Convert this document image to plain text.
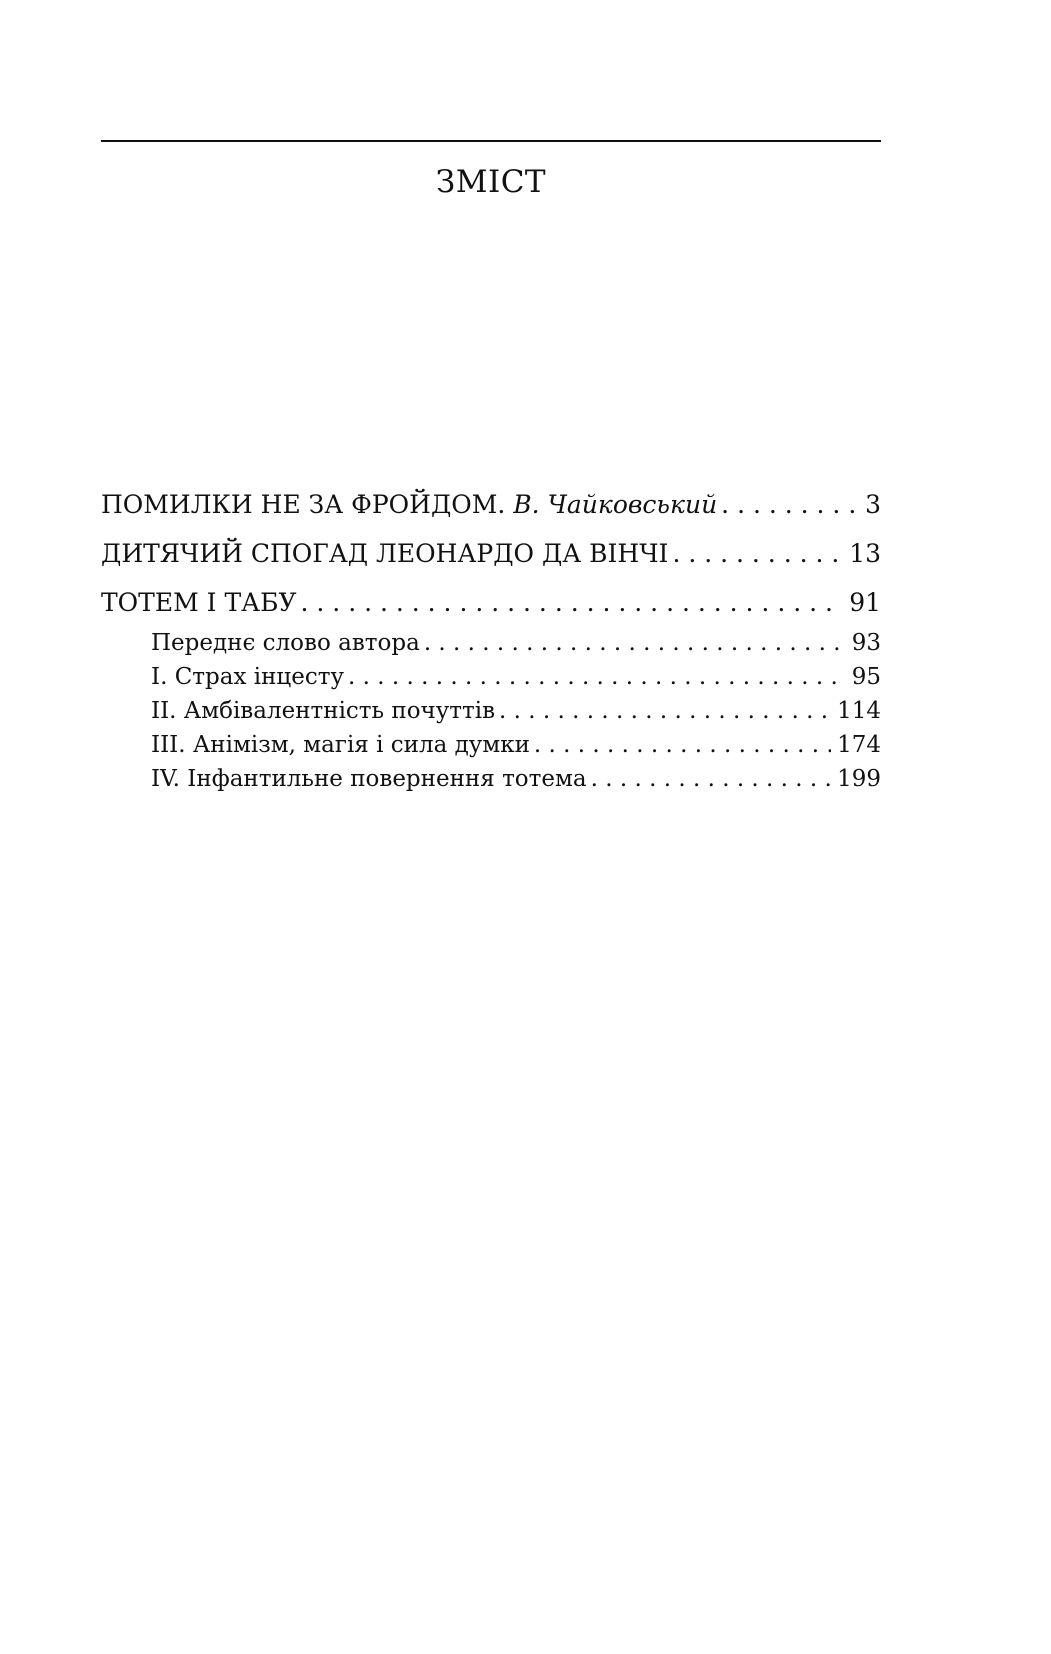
ЗМІСТ
ПОМИЛКИ НЕ ЗА ФРОЙДОМ. В. Чайковський . . .	3
ДИТЯЧИЙ СПОГАД ЛЕОНАРДО ДА ВІНЧІ . . .	13
ТОТЕМ І ТАБУ . . .	91
Переднє слово автора . . .	93
I. Страх інцесту . . .	95
II. Амбівалентність почуттів . . .	114
III. Анімізм, магія і сила думки . . .	174
IV. Інфантильне повернення тотема . . .	199
